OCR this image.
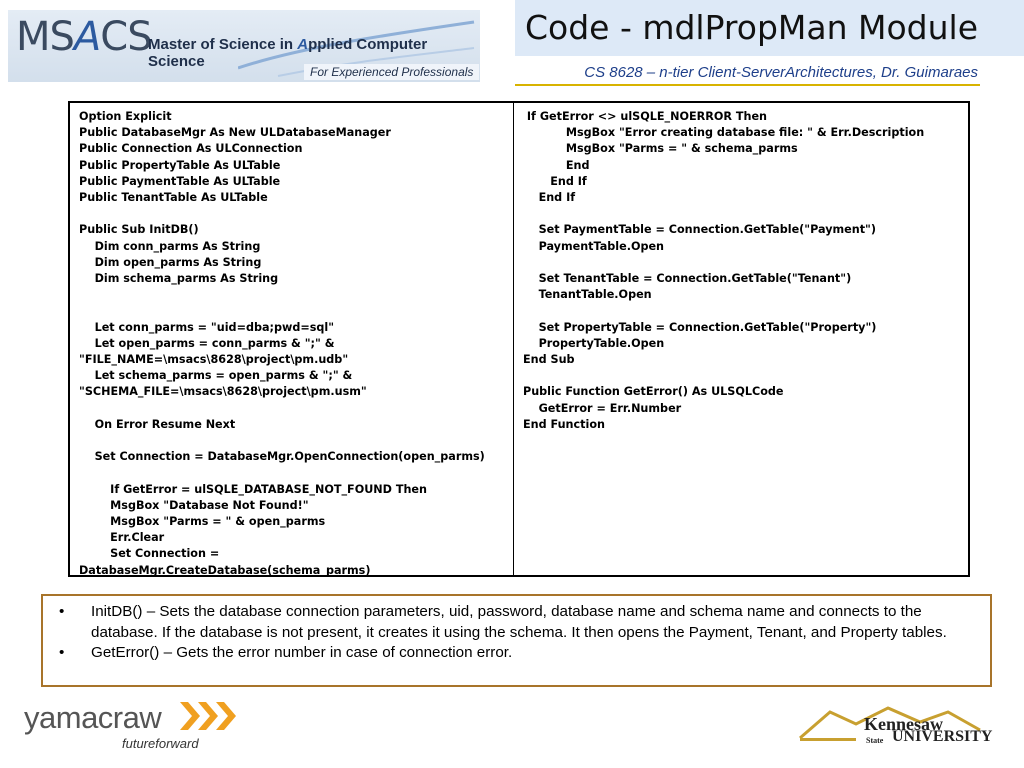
MSACS
Master of Science in Applied Computer Science
For Experienced Professionals
Code - mdlPropMan Module
CS 8628 – n-tier Client-ServerArchitectures, Dr. Guimaraes
Option Explicit
Public DatabaseMgr As New ULDatabaseManager
Public Connection As ULConnection
Public PropertyTable As ULTable
Public PaymentTable As ULTable
Public TenantTable As ULTable
Public Sub InitDB()
Dim conn_parms As String
Dim open_parms As String
Dim schema_parms As String
Let conn_parms = "uid=dba;pwd=sql"
Let open_parms = conn_parms & ";" &
"FILE_NAME=\msacs\8628\project\pm.udb"
Let schema_parms = open_parms & ";" &
"SCHEMA_FILE=\msacs\8628\project\pm.usm"
On Error Resume Next
Set Connection = DatabaseMgr.OpenConnection(open_parms)
If GetError = ulSQLE_DATABASE_NOT_FOUND Then
MsgBox "Database Not Found!"
MsgBox "Parms = " & open_parms
Err.Clear
Set Connection =
DatabaseMgr.CreateDatabase(schema_parms)
If GetError <> ulSQLE_NOERROR Then
MsgBox "Error creating database file: " & Err.Description
MsgBox "Parms = " & schema_parms
End
End If
End If
Set PaymentTable = Connection.GetTable("Payment")
PaymentTable.Open
Set TenantTable = Connection.GetTable("Tenant")
TenantTable.Open
Set PropertyTable = Connection.GetTable("Property")
PropertyTable.Open
End Sub
Public Function GetError() As ULSQLCode
GetError = Err.Number
End Function
•	InitDB() – Sets the database connection parameters, uid, password, database name and schema name and connects to the database. If the database is not present, it creates it using the schema. It then opens the Payment, Tenant, and Property tables.
•	GetError() – Gets the error number in case of connection error.
yamacraw
futureforward
Kennesaw
State UNIVERSITY
